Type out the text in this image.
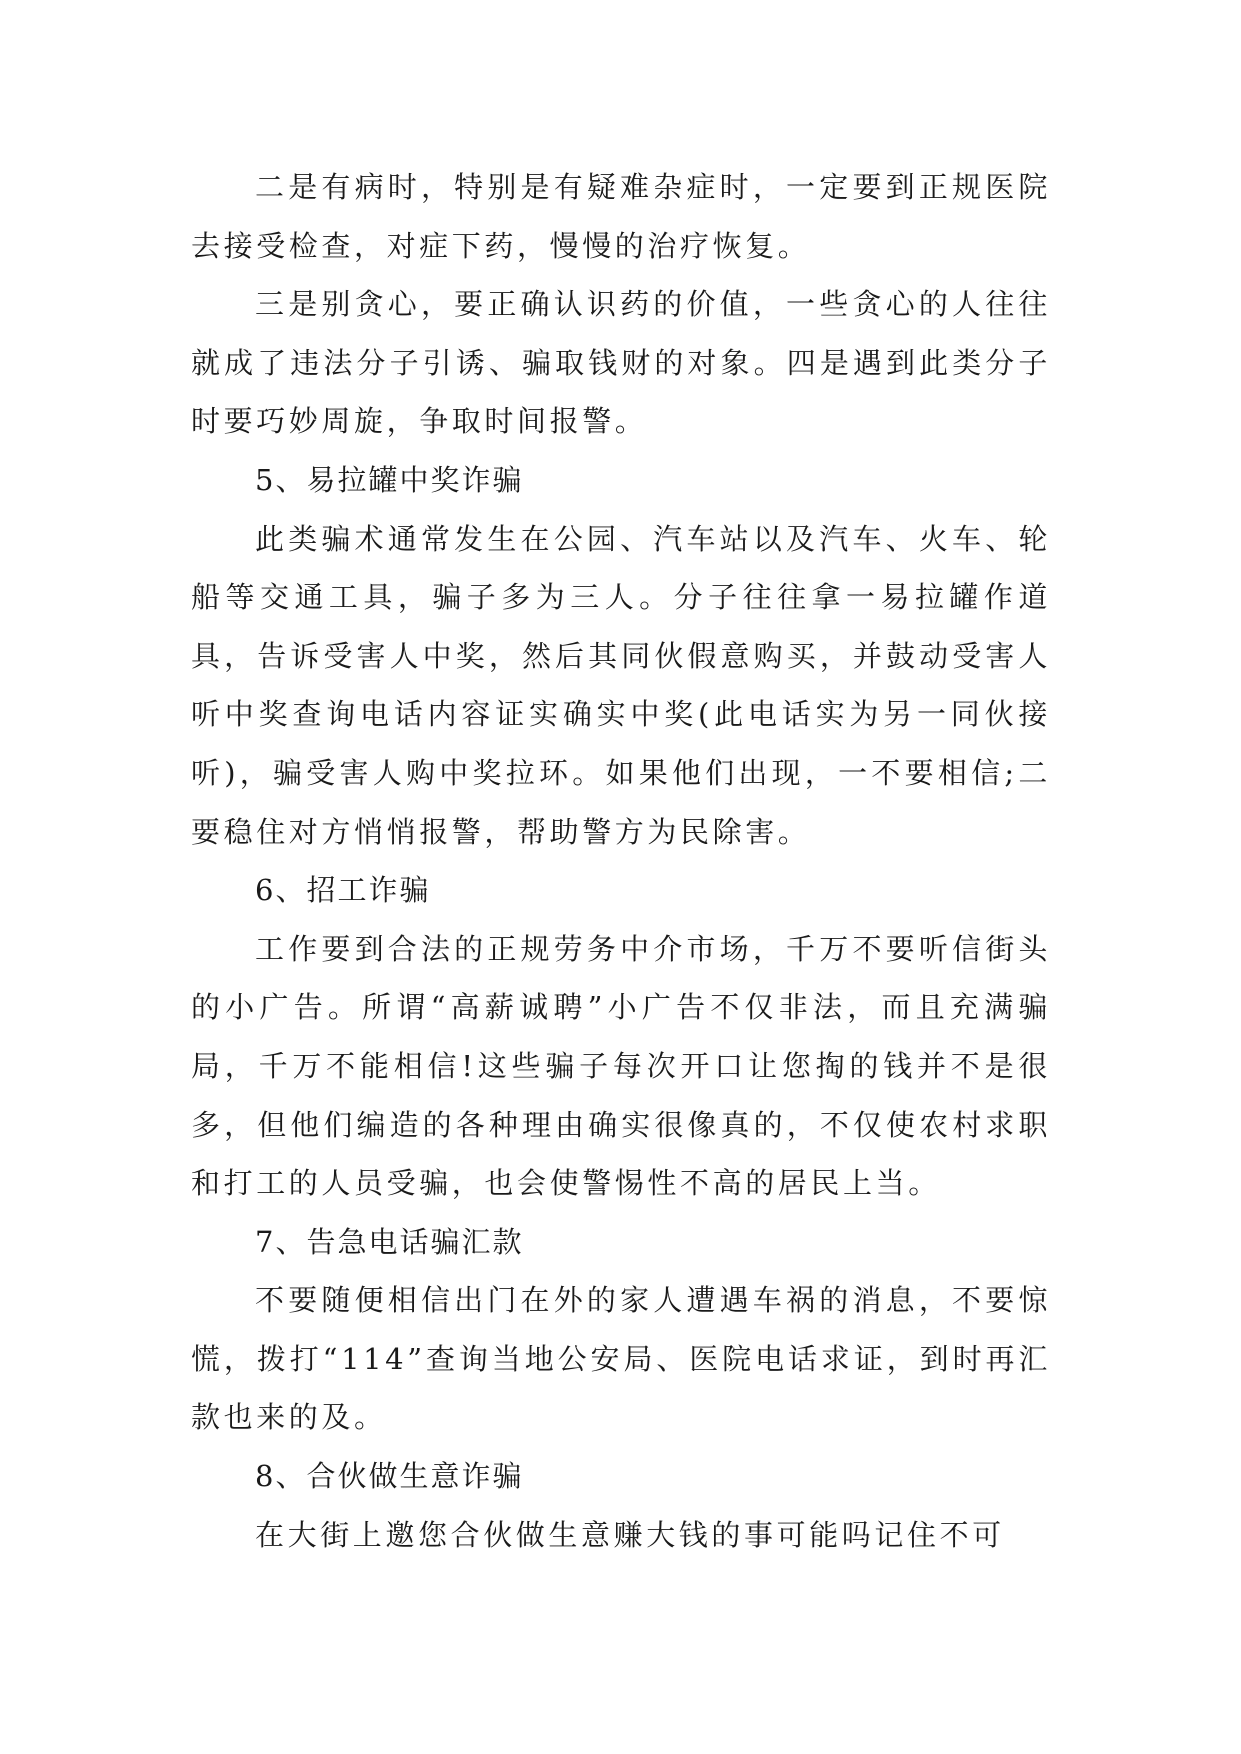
二是有病时，特别是有疑难杂症时，一定要到正规医院去接受检查，对症下药，慢慢的治疗恢复。

三是别贪心，要正确认识药的价值，一些贪心的人往往就成了违法分子引诱、骗取钱财的对象。四是遇到此类分子时要巧妙周旋，争取时间报警。

5、易拉罐中奖诈骗

此类骗术通常发生在公园、汽车站以及汽车、火车、轮船等交通工具，骗子多为三人。分子往往拿一易拉罐作道具，告诉受害人中奖，然后其同伙假意购买，并鼓动受害人听中奖查询电话内容证实确实中奖(此电话实为另一同伙接听)，骗受害人购中奖拉环。如果他们出现，一不要相信;二要稳住对方悄悄报警，帮助警方为民除害。

6、招工诈骗

工作要到合法的正规劳务中介市场，千万不要听信街头的小广告。所谓“高薪诚聘”小广告不仅非法，而且充满骗局，千万不能相信!这些骗子每次开口让您掏的钱并不是很多，但他们编造的各种理由确实很像真的，不仅使农村求职和打工的人员受骗，也会使警惕性不高的居民上当。

7、告急电话骗汇款

不要随便相信出门在外的家人遭遇车祸的消息，不要惊慌，拨打“114”查询当地公安局、医院电话求证，到时再汇款也来的及。

8、合伙做生意诈骗

在大街上邀您合伙做生意赚大钱的事可能吗记住不可
